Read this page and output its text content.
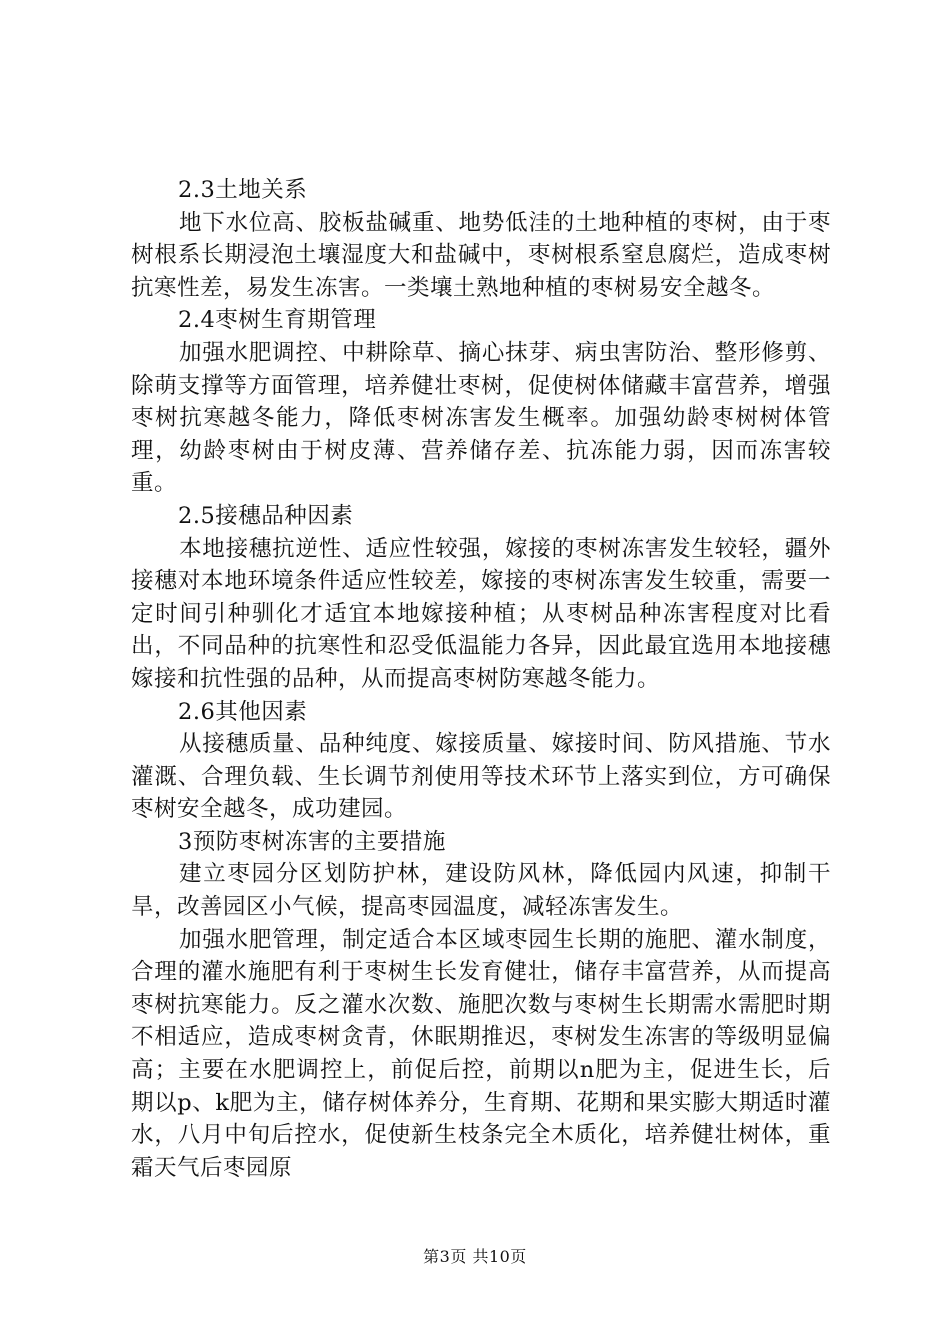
2.3土地关系

地下水位高、胶板盐碱重、地势低洼的土地种植的枣树，由于枣树根系长期浸泡土壤湿度大和盐碱中，枣树根系窒息腐烂，造成枣树抗寒性差，易发生冻害。一类壤土熟地种植的枣树易安全越冬。

2.4枣树生育期管理

加强水肥调控、中耕除草、摘心抹芽、病虫害防治、整形修剪、除萌支撑等方面管理，培养健壮枣树，促使树体储藏丰富营养，增强枣树抗寒越冬能力，降低枣树冻害发生概率。加强幼龄枣树树体管理，幼龄枣树由于树皮薄、营养储存差、抗冻能力弱，因而冻害较重。

2.5接穗品种因素

本地接穗抗逆性、适应性较强，嫁接的枣树冻害发生较轻，疆外接穗对本地环境条件适应性较差，嫁接的枣树冻害发生较重，需要一定时间引种驯化才适宜本地嫁接种植；从枣树品种冻害程度对比看出，不同品种的抗寒性和忍受低温能力各异，因此最宜选用本地接穗嫁接和抗性强的品种，从而提高枣树防寒越冬能力。

2.6其他因素

从接穗质量、品种纯度、嫁接质量、嫁接时间、防风措施、节水灌溉、合理负载、生长调节剂使用等技术环节上落实到位，方可确保枣树安全越冬，成功建园。

3预防枣树冻害的主要措施

建立枣园分区划防护林，建设防风林，降低园内风速，抑制干旱，改善园区小气候，提高枣园温度，减轻冻害发生。

加强水肥管理，制定适合本区域枣园生长期的施肥、灌水制度，合理的灌水施肥有利于枣树生长发育健壮，储存丰富营养，从而提高枣树抗寒能力。反之灌水次数、施肥次数与枣树生长期需水需肥时期不相适应，造成枣树贪青，休眠期推迟，枣树发生冻害的等级明显偏高；主要在水肥调控上，前促后控，前期以n肥为主，促进生长，后期以p、k肥为主，储存树体养分，生育期、花期和果实膨大期适时灌水，八月中旬后控水，促使新生枝条完全木质化，培养健壮树体，重霜天气后枣园原

第3页 共10页
